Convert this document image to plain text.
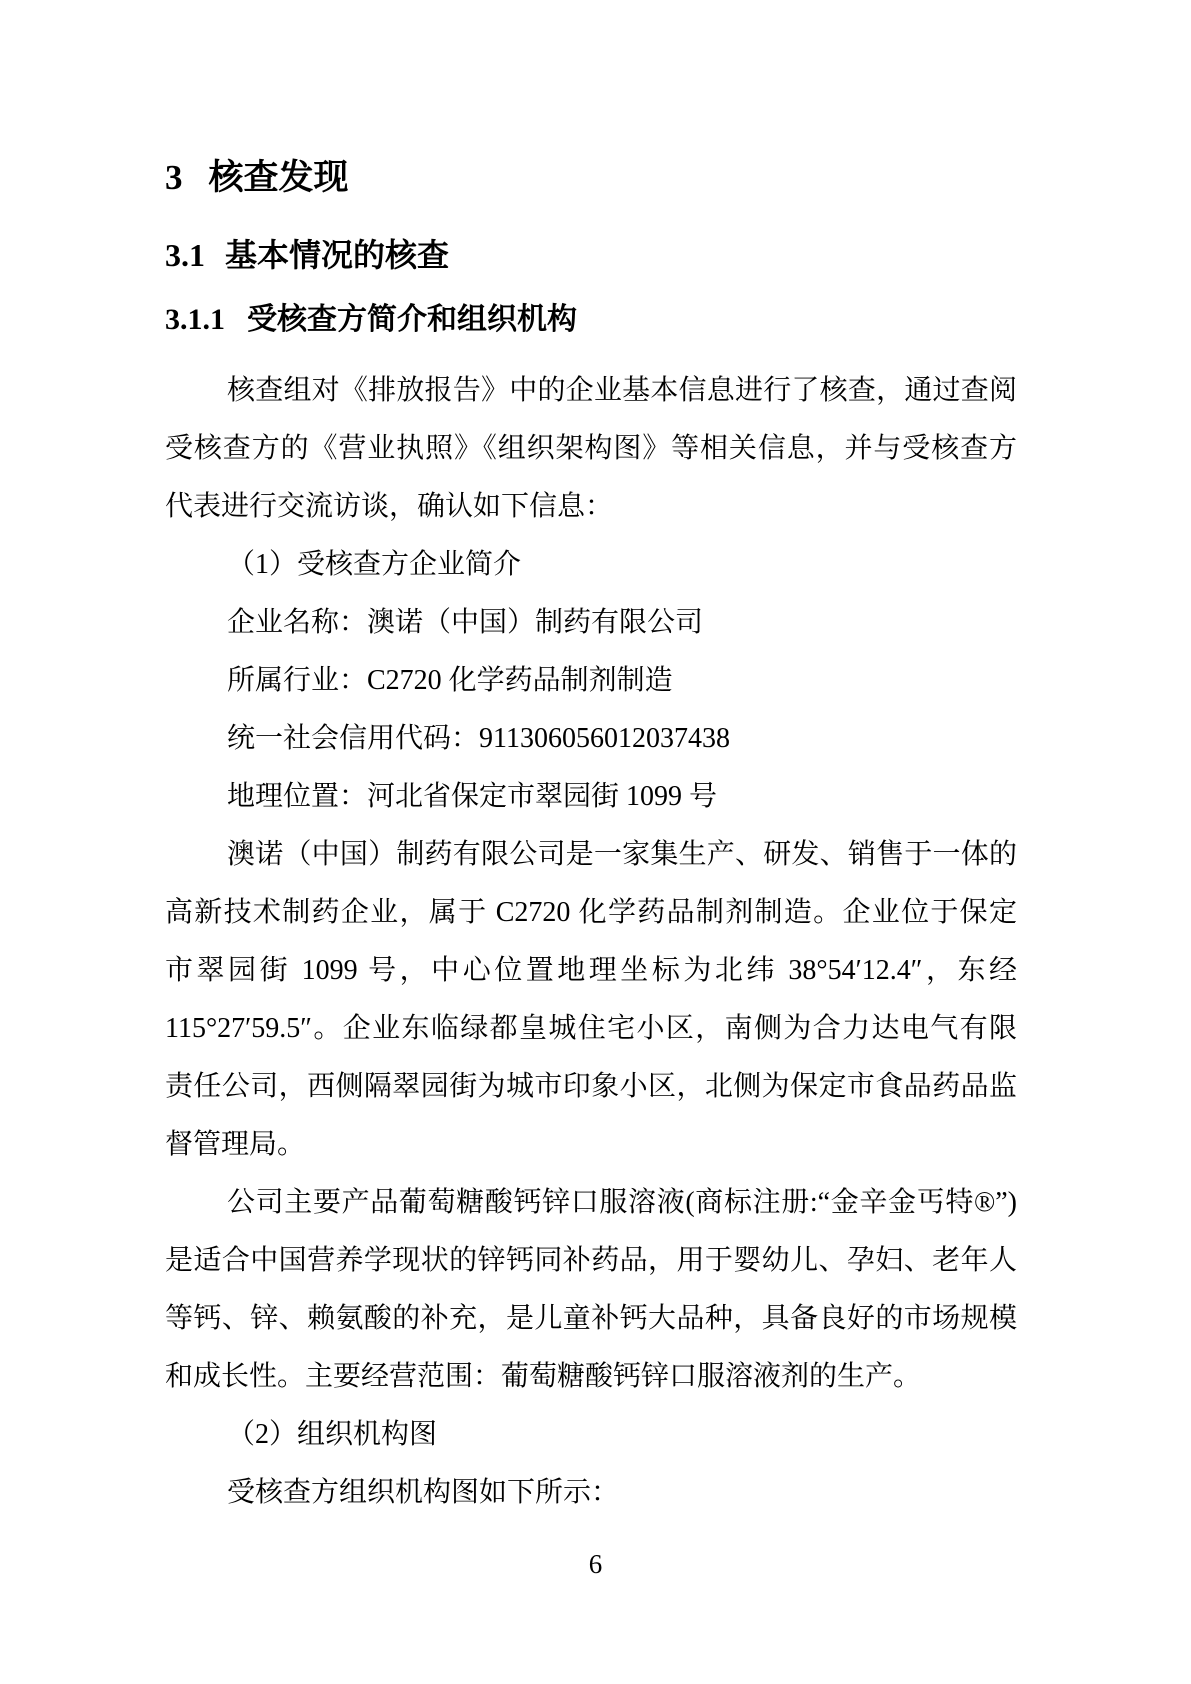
3 核查发现
3.1 基本情况的核查
3.1.1 受核查方简介和组织机构
核查组对《排放报告》中的企业基本信息进行了核查，通过查阅
受核查方的《营业执照》《组织架构图》等相关信息，并与受核查方
代表进行交流访谈，确认如下信息：
（1）受核查方企业简介
企业名称：澳诺（中国）制药有限公司
所属行业：C2720 化学药品制剂制造
统一社会信用代码：911306056012037438
地理位置：河北省保定市翠园街 1099 号
澳诺（中国）制药有限公司是一家集生产、研发、销售于一体的
高新技术制药企业，属于 C2720 化学药品制剂制造。企业位于保定
市翠园街 1099 号，中心位置地理坐标为北纬 38°54′12.4″，东经
115°27′59.5″。企业东临绿都皇城住宅小区，南侧为合力达电气有限
责任公司，西侧隔翠园街为城市印象小区，北侧为保定市食品药品监
督管理局。
公司主要产品葡萄糖酸钙锌口服溶液(商标注册:“金辛金丐特®”)
是适合中国营养学现状的锌钙同补药品，用于婴幼儿、孕妇、老年人
等钙、锌、赖氨酸的补充，是儿童补钙大品种，具备良好的市场规模
和成长性。主要经营范围：葡萄糖酸钙锌口服溶液剂的生产。
（2）组织机构图
受核查方组织机构图如下所示：
6
